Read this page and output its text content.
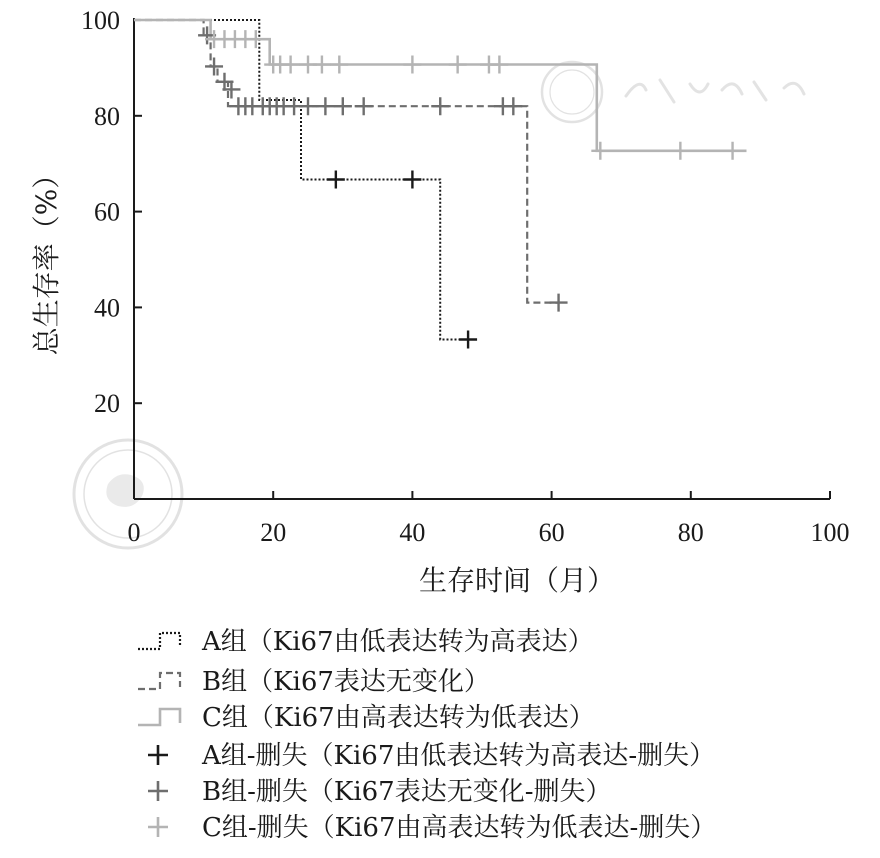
0	20	40	60	80	100
20
40
60
80
100
生存时间（月）
总生存率（%）
A组（Ki67由低表达转为高表达）
B组（Ki67表达无变化）
C组（Ki67由高表达转为低表达）
A组-删失（Ki67由低表达转为高表达-删失）
B组-删失（Ki67表达无变化-删失）
C组-删失（Ki67由高表达转为低表达-删失）
